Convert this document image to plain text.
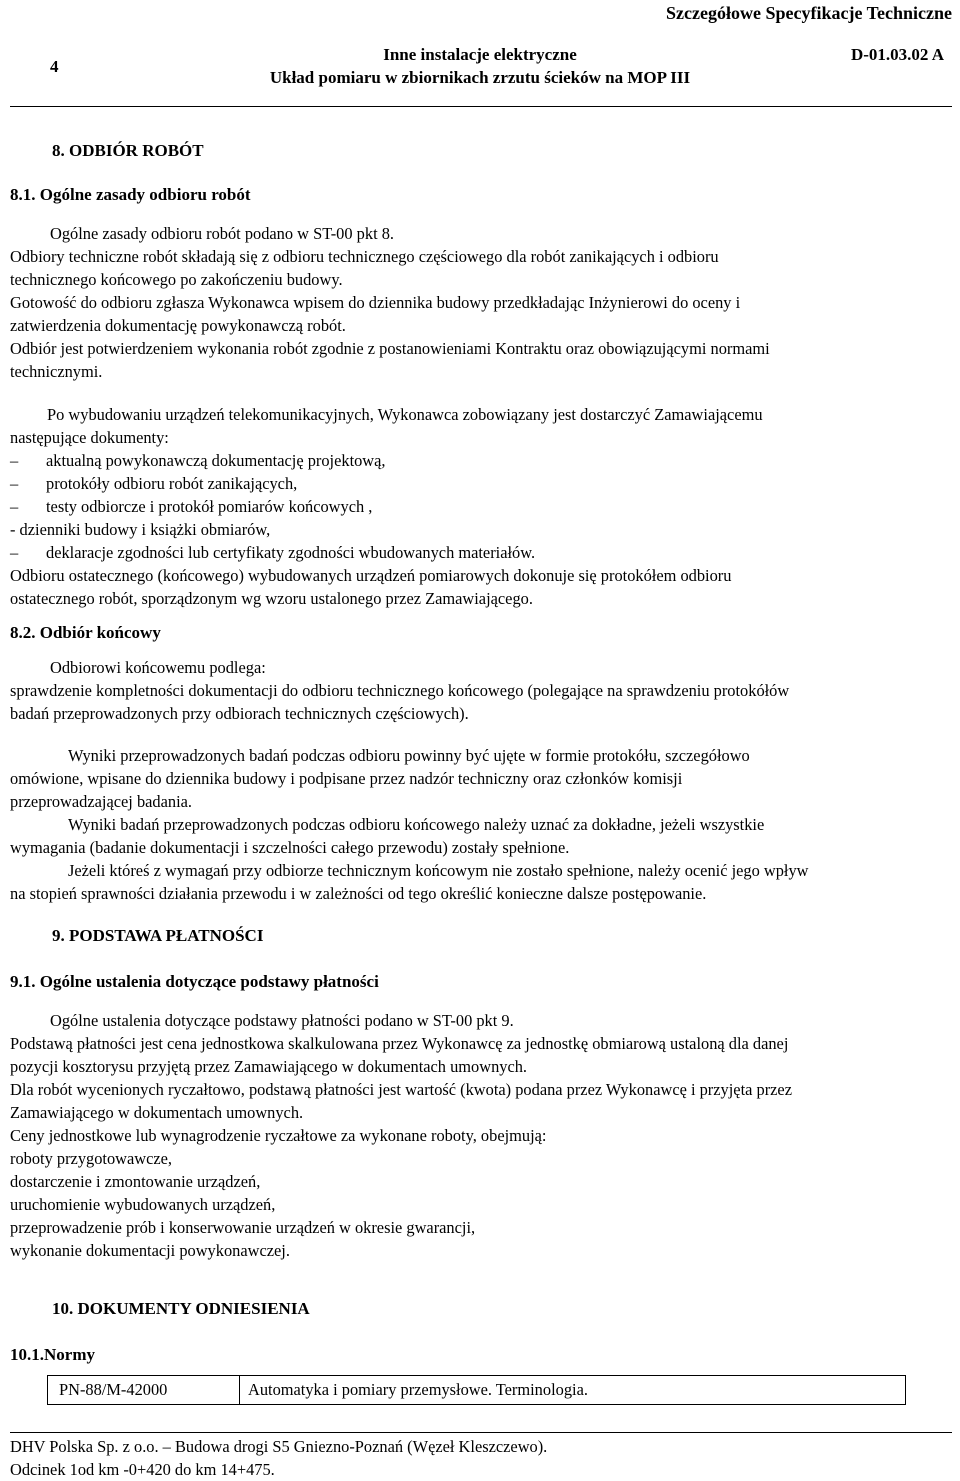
Szczegółowe Specyfikacje Techniczne
4
Inne instalacje elektryczne
Układ pomiaru w zbiornikach zrzutu ścieków na MOP III
D-01.03.02 A
8. ODBIÓR ROBÓT
8.1. Ogólne zasady odbioru robót
Ogólne zasady odbioru robót podano w ST-00 pkt 8.
Odbiory techniczne robót składają się z odbioru technicznego częściowego dla robót zanikających i odbioru
technicznego końcowego po zakończeniu budowy.
Gotowość do odbioru zgłasza Wykonawca wpisem do dziennika budowy przedkładając Inżynierowi do oceny i
zatwierdzenia dokumentację powykonawczą robót.
Odbiór jest potwierdzeniem wykonania robót zgodnie z postanowieniami Kontraktu oraz obowiązującymi normami
technicznymi.
Po wybudowaniu urządzeń telekomunikacyjnych, Wykonawca zobowiązany jest dostarczyć Zamawiającemu
następujące dokumenty:
– aktualną powykonawczą dokumentację projektową,
– protokóły odbioru robót zanikających,
– testy odbiorcze i protokół pomiarów końcowych ,
- dzienniki budowy i książki obmiarów,
– deklaracje zgodności lub certyfikaty zgodności wbudowanych materiałów.
Odbioru ostatecznego (końcowego) wybudowanych urządzeń pomiarowych dokonuje się protokółem odbioru
ostatecznego robót, sporządzonym wg wzoru ustalonego przez Zamawiającego.
8.2. Odbiór końcowy
Odbiorowi końcowemu podlega:
sprawdzenie kompletności dokumentacji do odbioru technicznego końcowego (polegające na sprawdzeniu protokółów
badań przeprowadzonych przy odbiorach technicznych częściowych).
Wyniki przeprowadzonych badań podczas odbioru powinny być ujęte w formie protokółu, szczegółowo
omówione, wpisane do dziennika budowy i podpisane przez nadzór techniczny oraz członków komisji
przeprowadzającej badania.
Wyniki badań przeprowadzonych podczas odbioru końcowego należy uznać za dokładne, jeżeli wszystkie
wymagania (badanie dokumentacji i szczelności całego przewodu) zostały spełnione.
Jeżeli któreś z wymagań przy odbiorze technicznym końcowym nie zostało spełnione, należy ocenić jego wpływ
na stopień sprawności działania przewodu i w zależności od tego określić konieczne dalsze postępowanie.
9. PODSTAWA PŁATNOŚCI
9.1. Ogólne ustalenia dotyczące podstawy płatności
Ogólne ustalenia dotyczące podstawy płatności podano w ST-00 pkt 9.
Podstawą płatności jest cena jednostkowa skalkulowana przez Wykonawcę za jednostkę obmiarową ustaloną dla danej
pozycji kosztorysu przyjętą przez Zamawiającego w dokumentach umownych.
Dla robót wycenionych ryczałtowo, podstawą płatności jest wartość (kwota) podana przez Wykonawcę i przyjęta przez
Zamawiającego w dokumentach umownych.
Ceny jednostkowe lub wynagrodzenie ryczałtowe za wykonane roboty, obejmują:
roboty przygotowawcze,
dostarczenie i zmontowanie urządzeń,
uruchomienie wybudowanych urządzeń,
przeprowadzenie prób i konserwowanie urządzeń w okresie gwarancji,
wykonanie dokumentacji powykonawczej.
10. DOKUMENTY ODNIESIENIA
10.1.Normy
PN-88/M-42000	Automatyka i pomiary przemysłowe. Terminologia.
DHV Polska Sp. z o.o. – Budowa drogi S5 Gniezno-Poznań (Węzeł Kleszczewo).
Odcinek 1od km -0+420 do km 14+475.
